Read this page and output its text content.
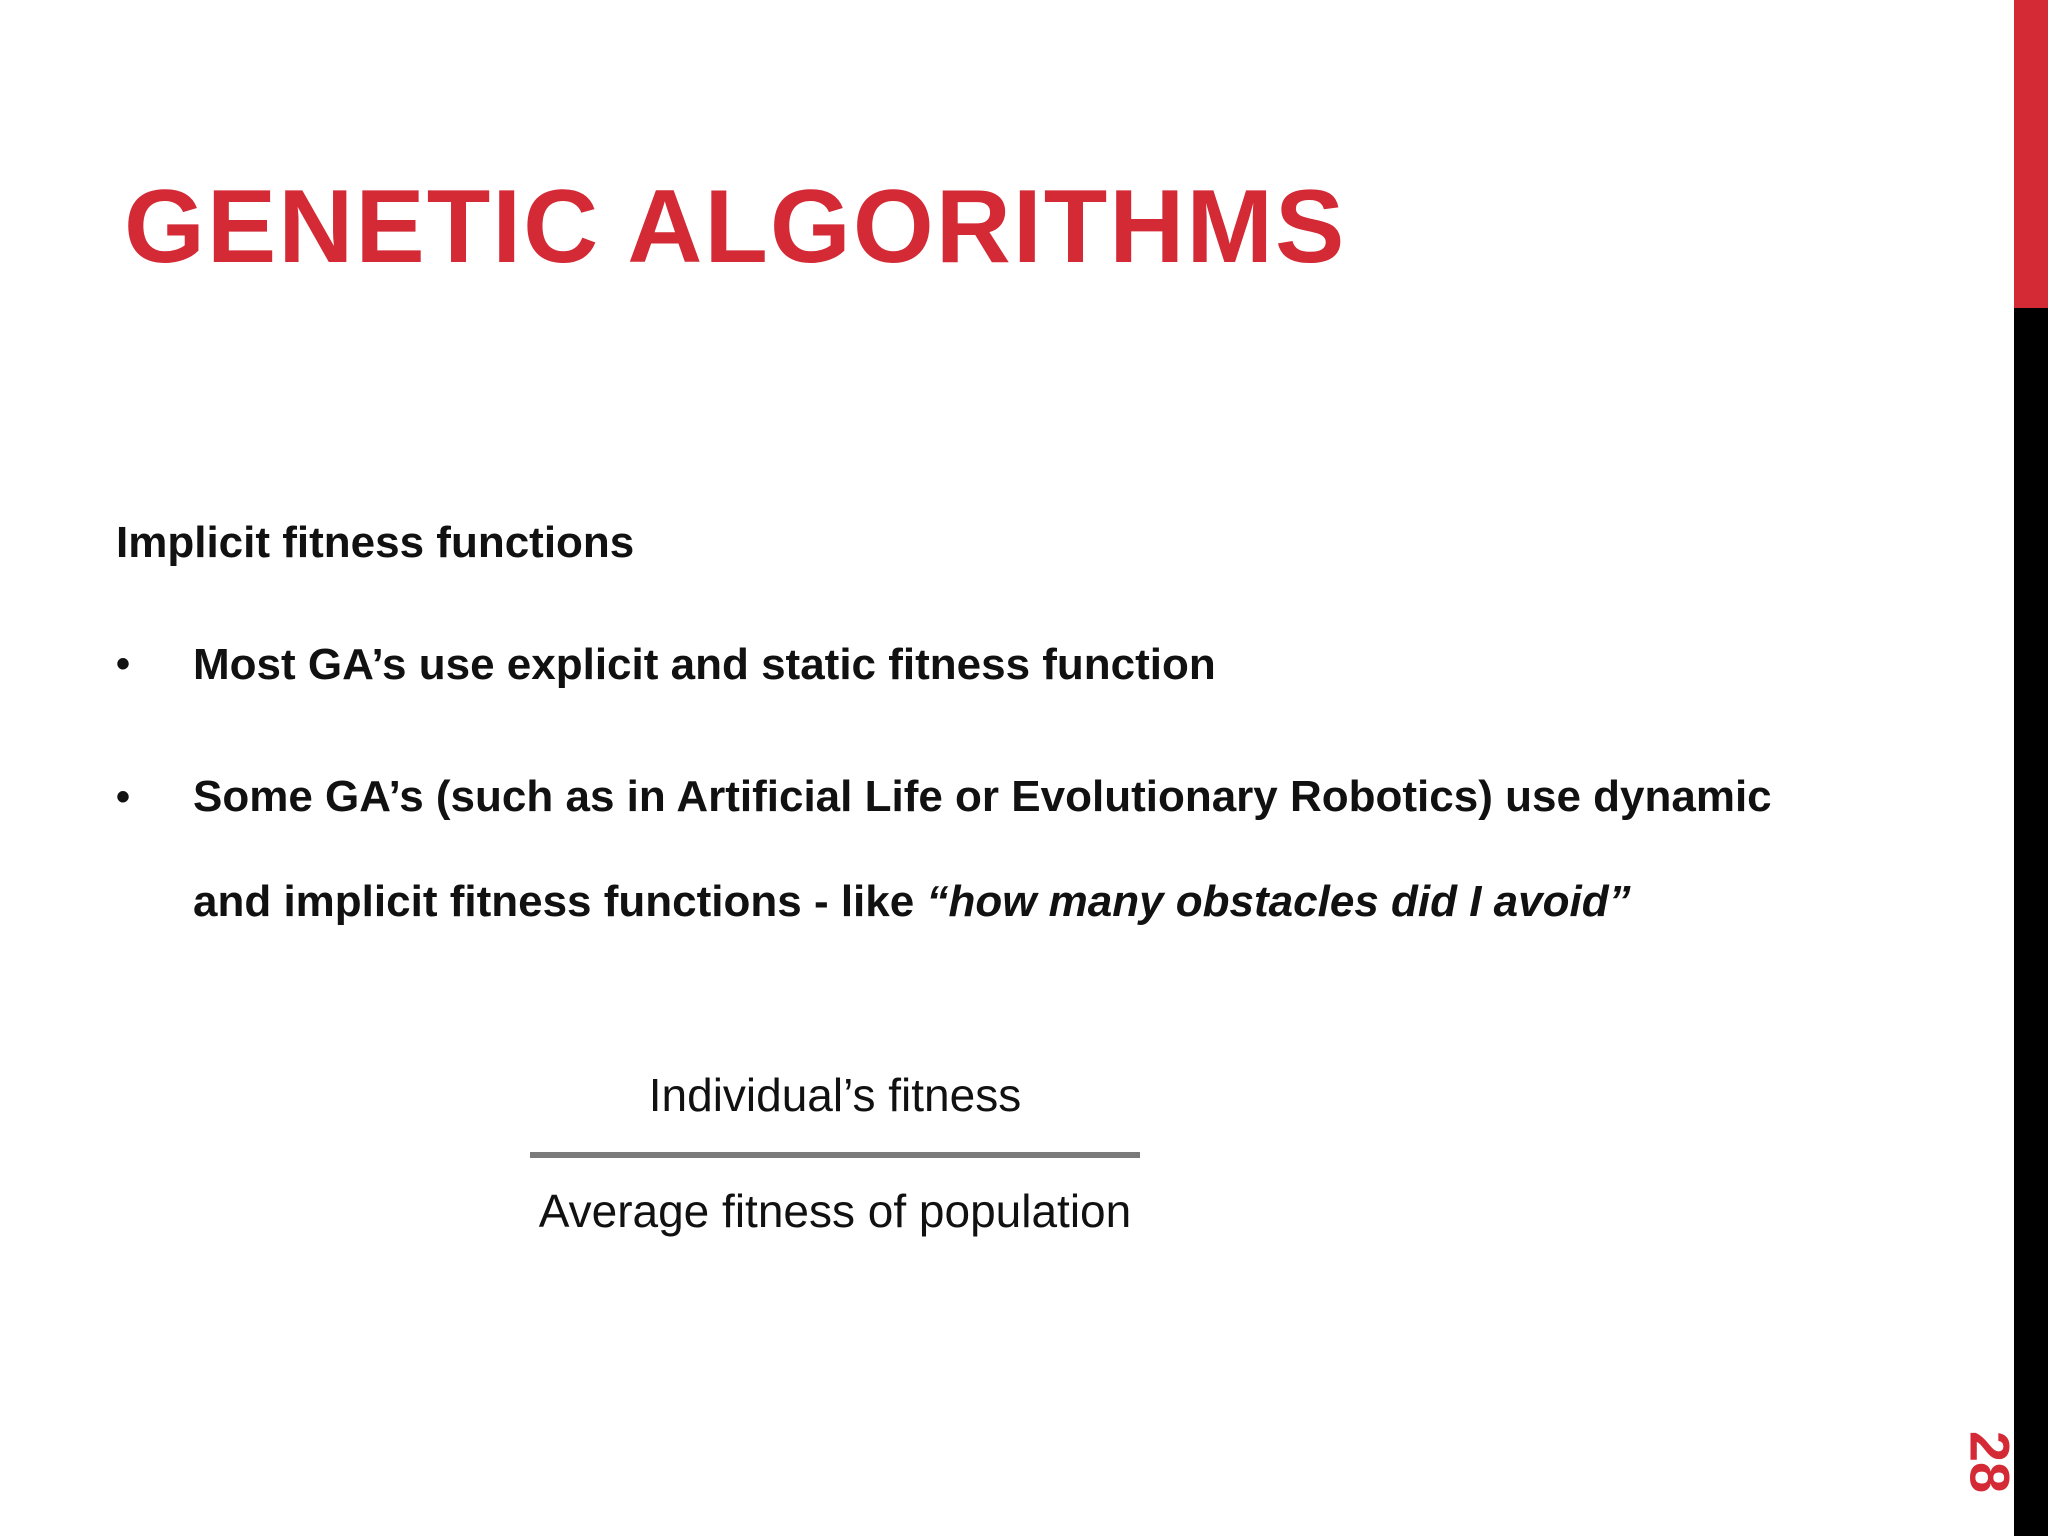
GENETIC ALGORITHMS
Implicit fitness functions
• Most GA’s use explicit and static fitness function
• Some GA’s (such as in Artificial Life or Evolutionary Robotics) use dynamic and implicit fitness functions - like “how many obstacles did I avoid”
Individual’s fitness
Average fitness of population
28
